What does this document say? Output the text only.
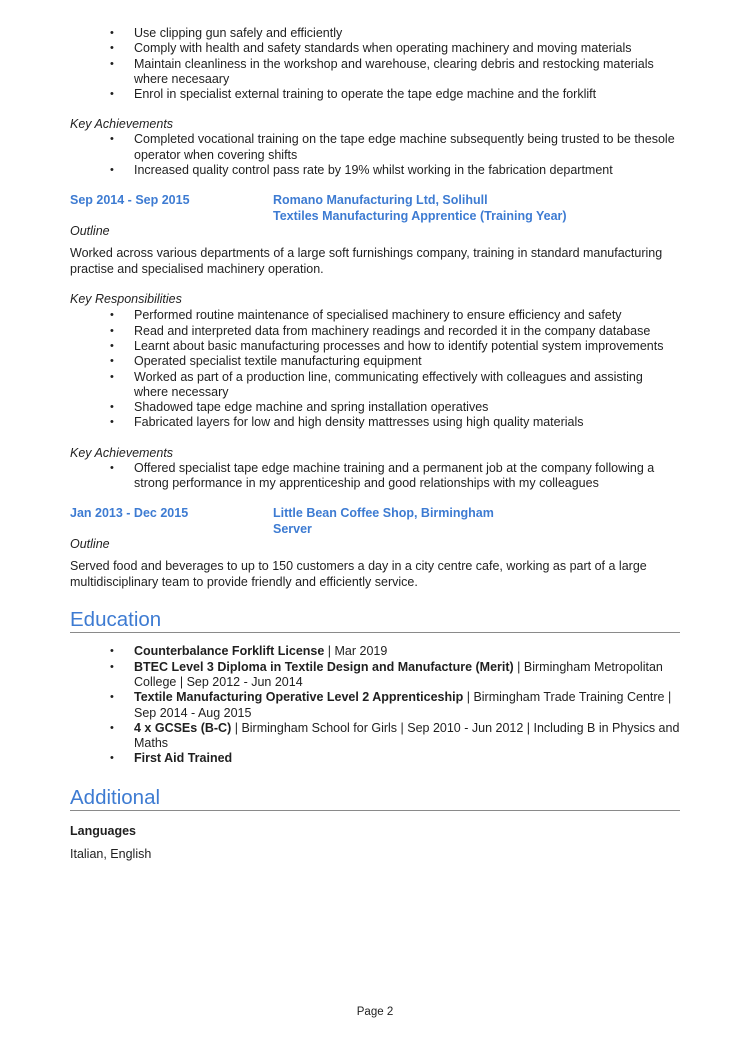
• Use clipping gun safely and efficiently
• Comply with health and safety standards when operating machinery and moving materials
• Maintain cleanliness in the workshop and warehouse, clearing debris and restocking materials where necesaary
• Enrol in specialist external training to operate the tape edge machine and the forklift
Key Achievements
• Completed vocational training on the tape edge machine subsequently being trusted to be thesole operator when covering shifts
• Increased quality control pass rate by 19% whilst working in the fabrication department
Sep 2014 - Sep 2015	Romano Manufacturing Ltd, Solihull
Textiles Manufacturing Apprentice (Training Year)
Outline
Worked across various departments of a large soft furnishings company, training in standard manufacturing practise and specialised machinery operation.
Key Responsibilities
• Performed routine maintenance of specialised machinery to ensure efficiency and safety
• Read and interpreted data from machinery readings and recorded it in the company database
• Learnt about basic manufacturing processes and how to identify potential system improvements
• Operated specialist textile manufacturing equipment
• Worked as part of a production line, communicating effectively with colleagues and assisting where necessary
• Shadowed tape edge machine and spring installation operatives
• Fabricated layers for low and high density mattresses using high quality materials
Key Achievements
• Offered specialist tape edge machine training and a permanent job at the company following a strong performance in my apprenticeship and good relationships with my colleagues
Jan 2013 - Dec 2015	Little Bean Coffee Shop, Birmingham
Server
Outline
Served food and beverages to up to 150 customers a day in a city centre cafe, working as part of a large multidisciplinary team to provide friendly and efficiently service.
Education
• Counterbalance Forklift License | Mar 2019
• BTEC Level 3 Diploma in Textile Design and Manufacture (Merit) | Birmingham Metropolitan College | Sep 2012 - Jun 2014
• Textile Manufacturing Operative Level 2 Apprenticeship | Birmingham Trade Training Centre | Sep 2014 - Aug 2015
• 4 x GCSEs (B-C) | Birmingham School for Girls | Sep 2010 - Jun 2012 | Including B in Physics and Maths
• First Aid Trained
Additional
Languages
Italian, English
Page 2
